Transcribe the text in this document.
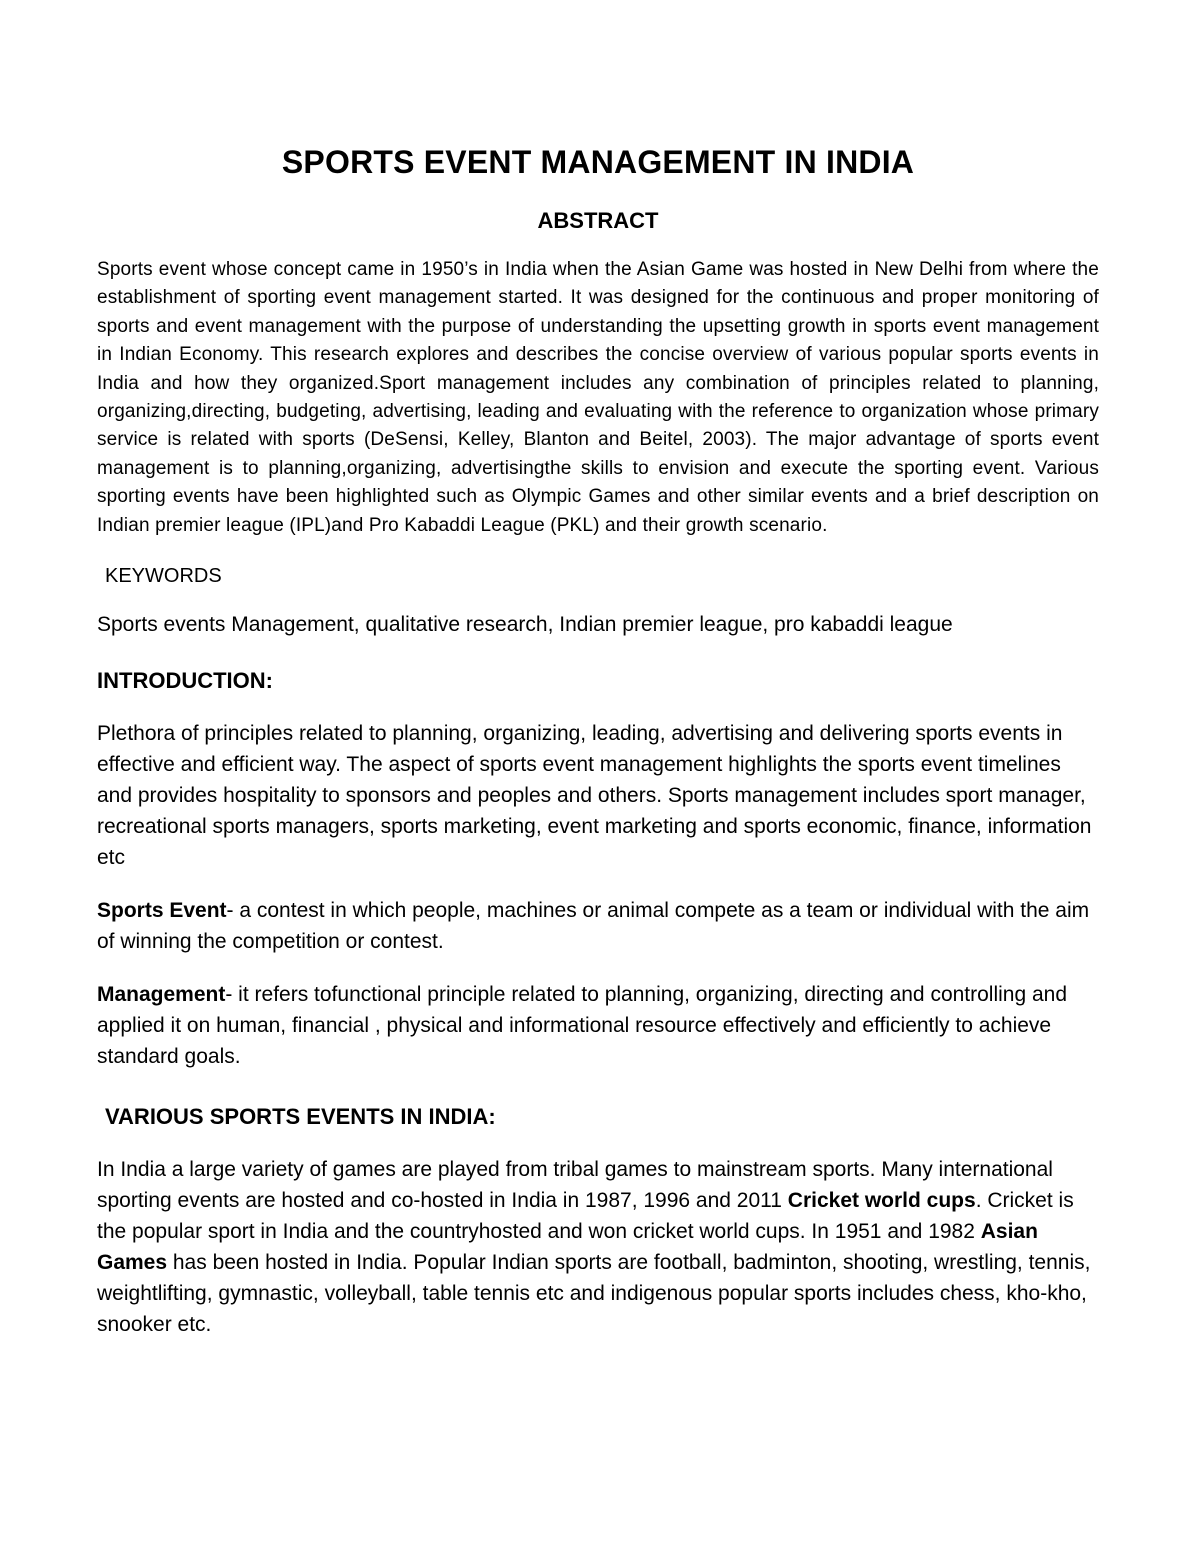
SPORTS EVENT MANAGEMENT IN INDIA
ABSTRACT

Sports event whose concept came in 1950’s in India when the Asian Game was hosted in New Delhi from where the establishment of sporting event management started. It was designed for the continuous and proper monitoring of sports and event management with the purpose of understanding the upsetting growth in sports event management in Indian Economy. This research explores and describes the concise overview of various popular sports events in India and how they organized.Sport management includes any combination of principles related to planning, organizing,directing, budgeting, advertising, leading and evaluating with the reference to organization whose primary service is related with sports (DeSensi, Kelley, Blanton and Beitel, 2003). The major advantage of sports event management is to planning,organizing, advertisingthe skills to envision and execute the sporting event. Various sporting events have been highlighted such as Olympic Games and other similar events and a brief description on Indian premier league (IPL)and Pro Kabaddi League (PKL) and their growth scenario.

KEYWORDS

Sports events Management, qualitative research, Indian premier league, pro kabaddi league

INTRODUCTION:

Plethora of principles related to planning, organizing, leading, advertising and delivering sports events in effective and efficient way. The aspect of sports event management highlights the sports event timelines and provides hospitality to sponsors and peoples and others. Sports management includes sport manager, recreational sports managers, sports marketing, event marketing and sports economic, finance, information etc

Sports Event- a contest in which people, machines or animal compete as a team or individual with the aim of winning the competition or contest.

Management- it refers tofunctional principle related to planning, organizing, directing and controlling and applied it on human, financial , physical and informational resource effectively and efficiently to achieve standard goals.

VARIOUS SPORTS EVENTS IN INDIA:

In India a large variety of games are played from tribal games to mainstream sports. Many international sporting events are hosted and co-hosted in India in 1987, 1996 and 2011 Cricket world cups. Cricket is the popular sport in India and the countryhosted and won cricket world cups. In 1951 and 1982 Asian Games has been hosted in India. Popular Indian sports are football, badminton, shooting, wrestling, tennis, weightlifting, gymnastic, volleyball, table tennis etc and indigenous popular sports includes chess, kho-kho, snooker etc.
